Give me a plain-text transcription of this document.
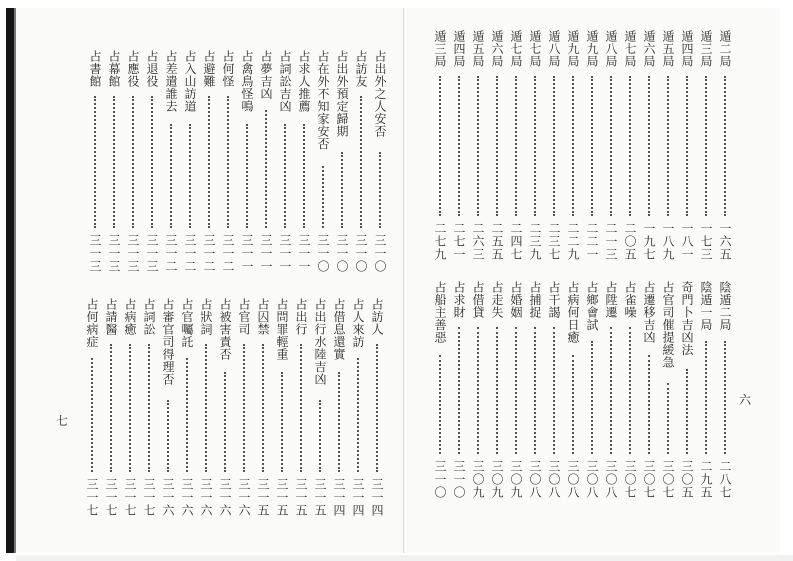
占出外之人安否
三一〇
占訪友
三一〇
占出外預定歸期
三一〇
占在外不知家安否
三一〇
占求人推薦
三一一
占詞訟吉凶
三一一
占夢吉凶
三一一
占禽鳥怪鳴
三一一
占何怪
三一二
占避難
三一二
占入山訪道
三一二
占差遣誰去
三一二
占退役
三一三
占應役
三一三
占幕館
三一三
占書館
三一三
占訪人
三一四
占人來訪
三一四
占借息還實
三一四
占出行水陸吉凶
三一五
占出行
三一五
占問罪輕重
三一五
占囚禁
三一五
占官司
三一六
占被害責否
三一六
占狀詞
三一六
占官囑託
三一六
占審官司得理否
三一六
占詞訟
三一七
占病癒
三一七
占請醫
三一七
占何病症
三一七
遁二局
一六五
遁三局
一七三
遁四局
一八一
遁五局
一八九
遁六局
一九七
遁七局
二〇五
遁八局
二一三
遁九局
二二一
遁九局
二二九
遁八局
二三七
遁七局
二三九
遁七局
二四七
遁六局
二五五
遁五局
二六三
遁四局
二七一
遁三局
二七九
陰遁二局
二八七
陰遁一局
二九五
奇門卜吉凶法
三〇五
占官司催提緩急
三〇七
占遷移吉凶
三〇七
占雀噪
三〇七
占陞遷
三〇八
占鄉會試
三〇八
占病何日癒
三〇八
占干謁
三〇八
占捕捉
三〇八
占婚姻
三〇九
占走失
三〇九
占借貸
三〇九
占求財
三一〇
占船主善惡
三一〇
七
六
